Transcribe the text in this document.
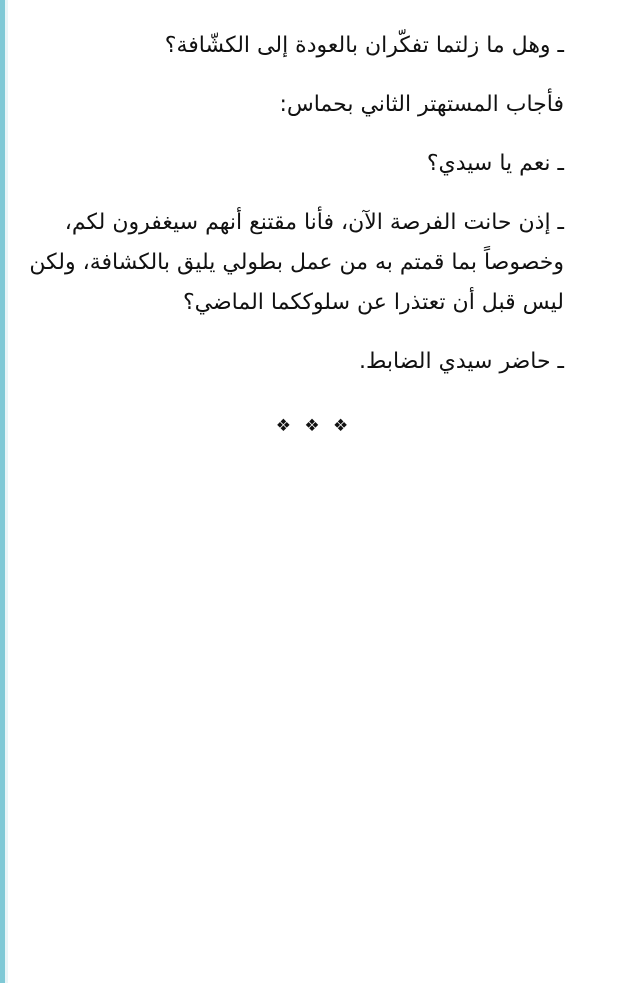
ـ وهل ما زلتما تفكّران بالعودة إلى الكشّافة؟

فأجاب المستهتر الثاني بحماس:

ـ نعم يا سيدي؟

ـ إذن حانت الفرصة الآن، فأنا مقتنع أنهم سيغفرون لكم،
وخصوصاً بما قمتم به من عمل بطولي يليق بالكشافة، ولكن
ليس قبل أن تعتذرا عن سلوككما الماضي؟

ـ حاضر سيدي الضابط.

❖ ❖ ❖
